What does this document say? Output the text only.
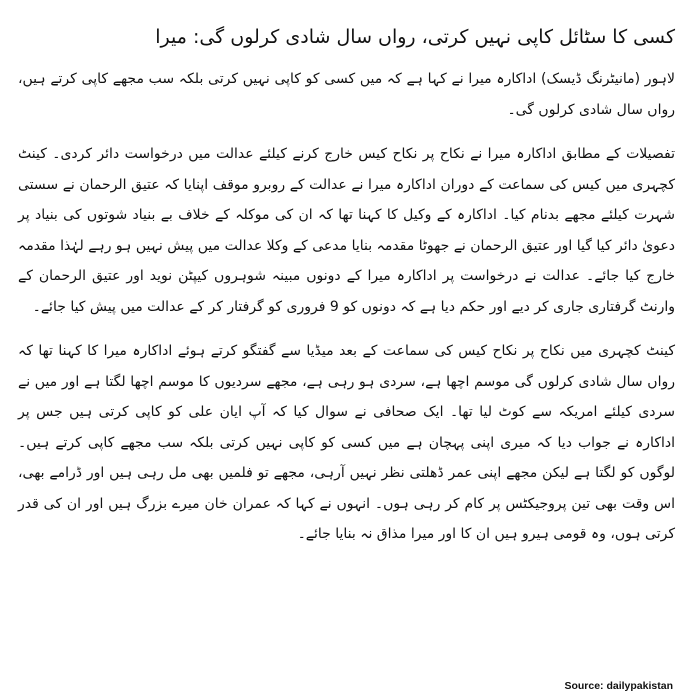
کسی کا سٹائل کاپی نہیں کرتی، رواں سال شادی کرلوں گی: میرا

لاہور (مانیٹرنگ ڈیسک) اداکارہ میرا نے کہا ہے کہ میں کسی کو کاپی نہیں کرتی بلکہ سب مجھے کاپی کرتے ہیں، رواں سال شادی کرلوں گی۔

تفصیلات کے مطابق اداکارہ میرا نے نکاح پر نکاح کیس خارج کرنے کیلئے عدالت میں درخواست دائر کردی۔ کینٹ کچہری میں کیس کی سماعت کے دوران اداکارہ میرا نے عدالت کے روبرو موقف اپنایا کہ عتیق الرحمان نے سستی شہرت کیلئے مجھے بدنام کیا۔ اداکارہ کے وکیل کا کہنا تھا کہ ان کی موکلہ کے خلاف بے بنیاد شوتوں کی بنیاد پر دعویٰ دائر کیا گیا اور عتیق الرحمان نے جھوٹا مقدمہ بنایا مدعی کے وکلا عدالت میں پیش نہیں ہو رہے لہٰذا مقدمہ خارج کیا جائے۔ عدالت نے درخواست پر اداکارہ میرا کے دونوں مبینہ شوہروں کیپٹن نوید اور عتیق الرحمان کے وارنٹ گرفتاری جاری کر دیے اور حکم دیا ہے کہ دونوں کو 9 فروری کو گرفتار کر کے عدالت میں پیش کیا جائے۔

کینٹ کچہری میں نکاح پر نکاح کیس کی سماعت کے بعد میڈیا سے گفتگو کرتے ہوئے اداکارہ میرا کا کہنا تھا کہ رواں سال شادی کرلوں گی موسم اچھا ہے، سردی ہو رہی ہے، مجھے سردیوں کا موسم اچھا لگتا ہے اور میں نے سردی کیلئے امریکہ سے کوٹ لیا تھا۔ ایک صحافی نے سوال کیا کہ آپ ایان علی کو کاپی کرتی ہیں جس پر اداکارہ نے جواب دیا کہ میری اپنی پہچان ہے میں کسی کو کاپی نہیں کرتی بلکہ سب مجھے کاپی کرتے ہیں۔ لوگوں کو لگتا ہے لیکن مجھے اپنی عمر ڈھلتی نظر نہیں آرہی، مجھے تو فلمیں بھی مل رہی ہیں اور ڈرامے بھی، اس وقت بھی تین پروجیکٹس پر کام کر رہی ہوں۔ انہوں نے کہا کہ عمران خان میرے بزرگ ہیں اور ان کی قدر کرتی ہوں، وہ قومی ہیرو ہیں ان کا اور میرا مذاق نہ بنایا جائے۔

Source: dailypakistan
